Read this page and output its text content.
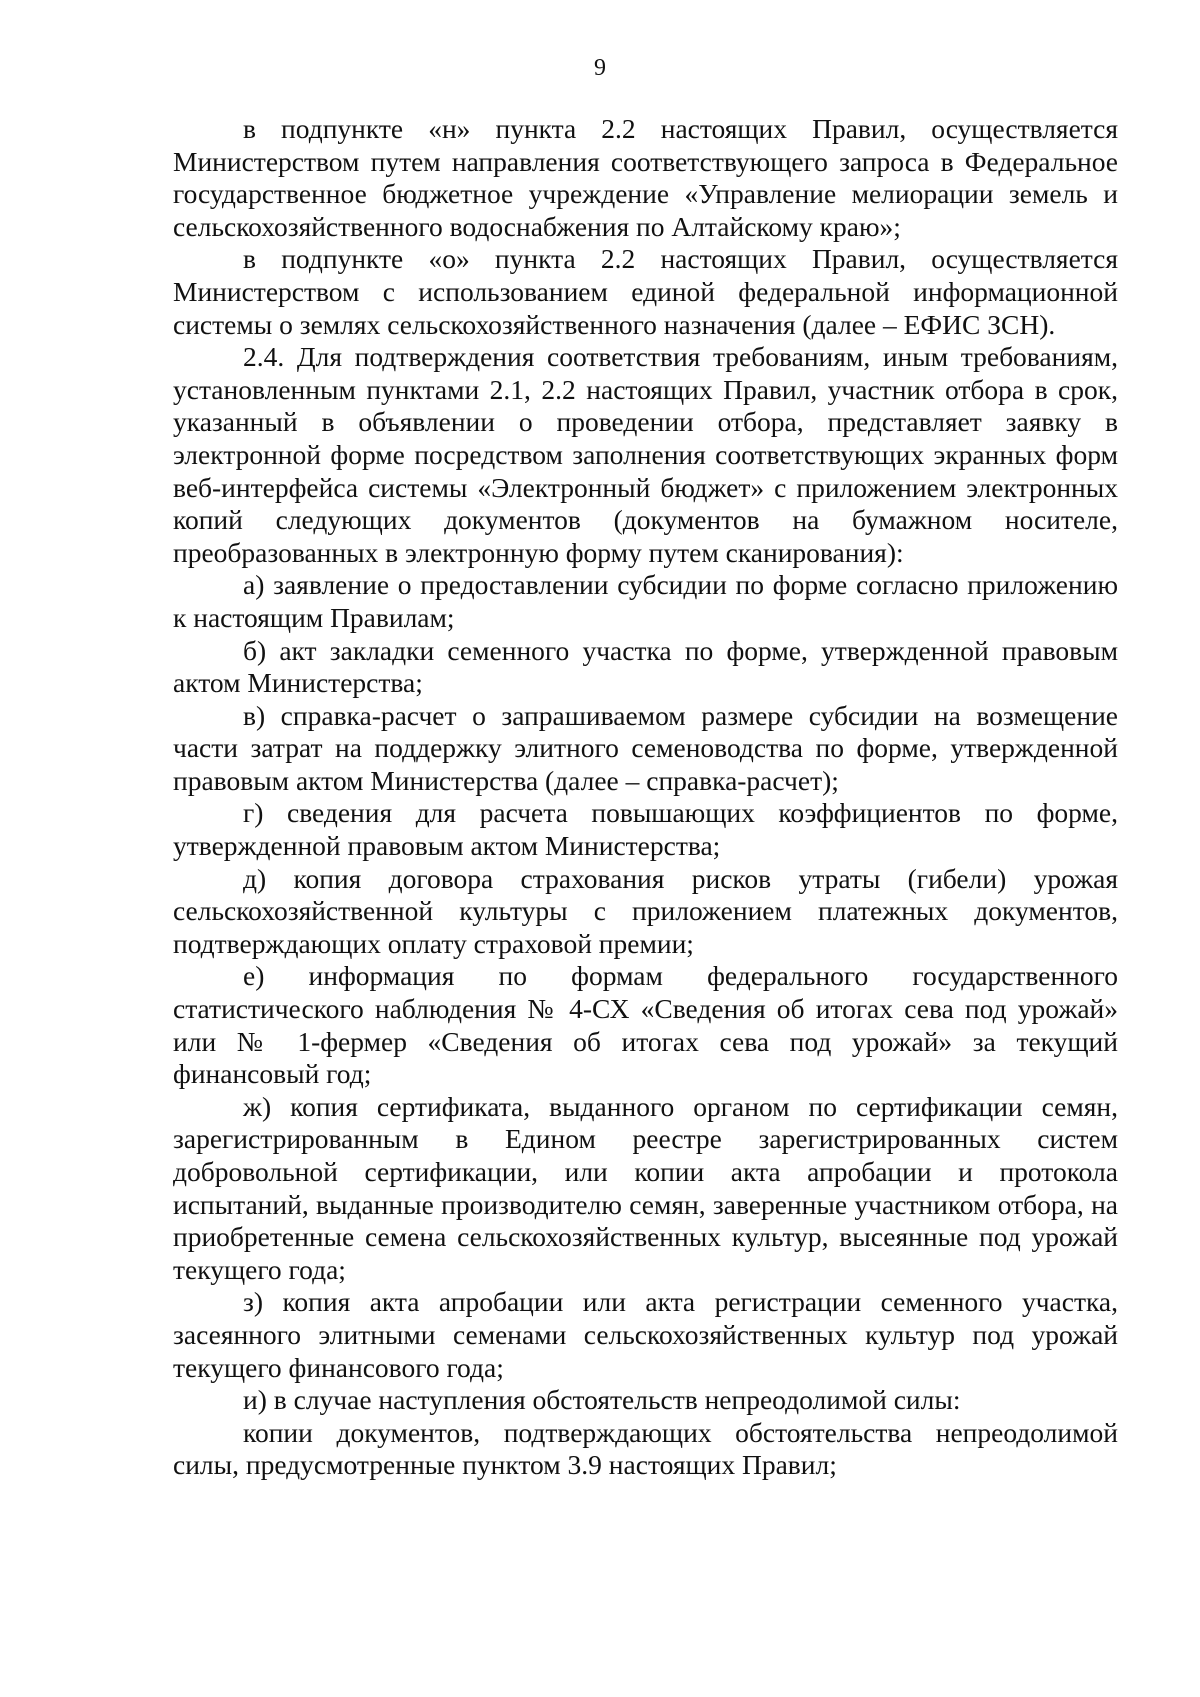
9

в подпункте «н» пункта 2.2 настоящих Правил, осуществляется Министерством путем направления соответствующего запроса в Федеральное государственное бюджетное учреждение «Управление мелиорации земель и сельскохозяйственного водоснабжения по Алтайскому краю»;

в подпункте «о» пункта 2.2 настоящих Правил, осуществляется Министерством с использованием единой федеральной информационной системы о землях сельскохозяйственного назначения (далее – ЕФИС ЗСН).

2.4. Для подтверждения соответствия требованиям, иным требованиям, установленным пунктами 2.1, 2.2 настоящих Правил, участник отбора в срок, указанный в объявлении о проведении отбора, представляет заявку в электронной форме посредством заполнения соответствующих экранных форм веб-интерфейса системы «Электронный бюджет» с приложением электронных копий следующих документов (документов на бумажном носителе, преобразованных в электронную форму путем сканирования):

а) заявление о предоставлении субсидии по форме согласно приложению к настоящим Правилам;

б) акт закладки семенного участка по форме, утвержденной правовым актом Министерства;

в) справка-расчет о запрашиваемом размере субсидии на возмещение части затрат на поддержку элитного семеноводства по форме, утвержденной правовым актом Министерства (далее – справка-расчет);

г) сведения для расчета повышающих коэффициентов по форме, утвержденной правовым актом Министерства;

д) копия договора страхования рисков утраты (гибели) урожая сельскохозяйственной культуры с приложением платежных документов, подтверждающих оплату страховой премии;

е) информация по формам федерального государственного статистического наблюдения № 4-СХ «Сведения об итогах сева под урожай» или № 1-фермер «Сведения об итогах сева под урожай» за текущий финансовый год;

ж) копия сертификата, выданного органом по сертификации семян, зарегистрированным в Едином реестре зарегистрированных систем добровольной сертификации, или копии акта апробации и протокола испытаний, выданные производителю семян, заверенные участником отбора, на приобретенные семена сельскохозяйственных культур, высеянные под урожай текущего года;

з) копия акта апробации или акта регистрации семенного участка, засеянного элитными семенами сельскохозяйственных культур под урожай текущего финансового года;

и) в случае наступления обстоятельств непреодолимой силы:

копии документов, подтверждающих обстоятельства непреодолимой силы, предусмотренные пунктом 3.9 настоящих Правил;
